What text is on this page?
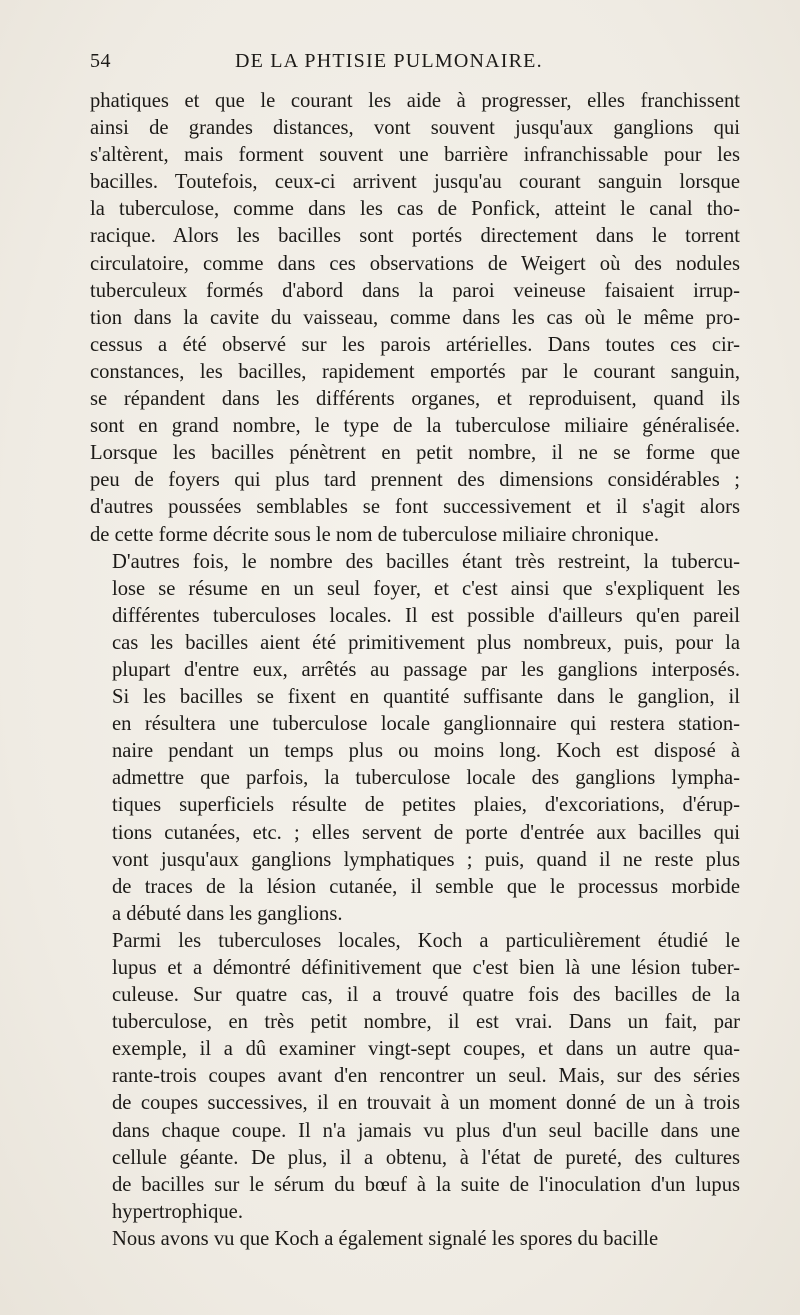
54	DE LA PHTISIE PULMONAIRE.

phatiques et que le courant les aide à progresser, elles franchissent
ainsi de grandes distances, vont souvent jusqu'aux ganglions qui
s'altèrent, mais forment souvent une barrière infranchissable pour les
bacilles. Toutefois, ceux-ci arrivent jusqu'au courant sanguin lorsque
la tuberculose, comme dans les cas de Ponfick, atteint le canal tho-
racique. Alors les bacilles sont portés directement dans le torrent
circulatoire, comme dans ces observations de Weigert où des nodules
tuberculeux formés d'abord dans la paroi veineuse faisaient irrup-
tion dans la cavite du vaisseau, comme dans les cas où le même pro-
cessus a été observé sur les parois artérielles. Dans toutes ces cir-
constances, les bacilles, rapidement emportés par le courant sanguin,
se répandent dans les différents organes, et reproduisent, quand ils
sont en grand nombre, le type de la tuberculose miliaire généralisée.
Lorsque les bacilles pénètrent en petit nombre, il ne se forme que
peu de foyers qui plus tard prennent des dimensions considérables ;
d'autres poussées semblables se font successivement et il s'agit alors
de cette forme décrite sous le nom de tuberculose miliaire chronique.

D'autres fois, le nombre des bacilles étant très restreint, la tubercu-
lose se résume en un seul foyer, et c'est ainsi que s'expliquent les
différentes tuberculoses locales. Il est possible d'ailleurs qu'en pareil
cas les bacilles aient été primitivement plus nombreux, puis, pour la
plupart d'entre eux, arrêtés au passage par les ganglions interposés.
Si les bacilles se fixent en quantité suffisante dans le ganglion, il
en résultera une tuberculose locale ganglionnaire qui restera station-
naire pendant un temps plus ou moins long. Koch est disposé à
admettre que parfois, la tuberculose locale des ganglions lympha-
tiques superficiels résulte de petites plaies, d'excoriations, d'érup-
tions cutanées, etc. ; elles servent de porte d'entrée aux bacilles qui
vont jusqu'aux ganglions lymphatiques ; puis, quand il ne reste plus
de traces de la lésion cutanée, il semble que le processus morbide
a débuté dans les ganglions.

Parmi les tuberculoses locales, Koch a particulièrement étudié le
lupus et a démontré définitivement que c'est bien là une lésion tuber-
culeuse. Sur quatre cas, il a trouvé quatre fois des bacilles de la
tuberculose, en très petit nombre, il est vrai. Dans un fait, par
exemple, il a dû examiner vingt-sept coupes, et dans un autre qua-
rante-trois coupes avant d'en rencontrer un seul. Mais, sur des séries
de coupes successives, il en trouvait à un moment donné de un à trois
dans chaque coupe. Il n'a jamais vu plus d'un seul bacille dans une
cellule géante. De plus, il a obtenu, à l'état de pureté, des cultures
de bacilles sur le sérum du bœuf à la suite de l'inoculation d'un lupus
hypertrophique.

Nous avons vu que Koch a également signalé les spores du bacille
